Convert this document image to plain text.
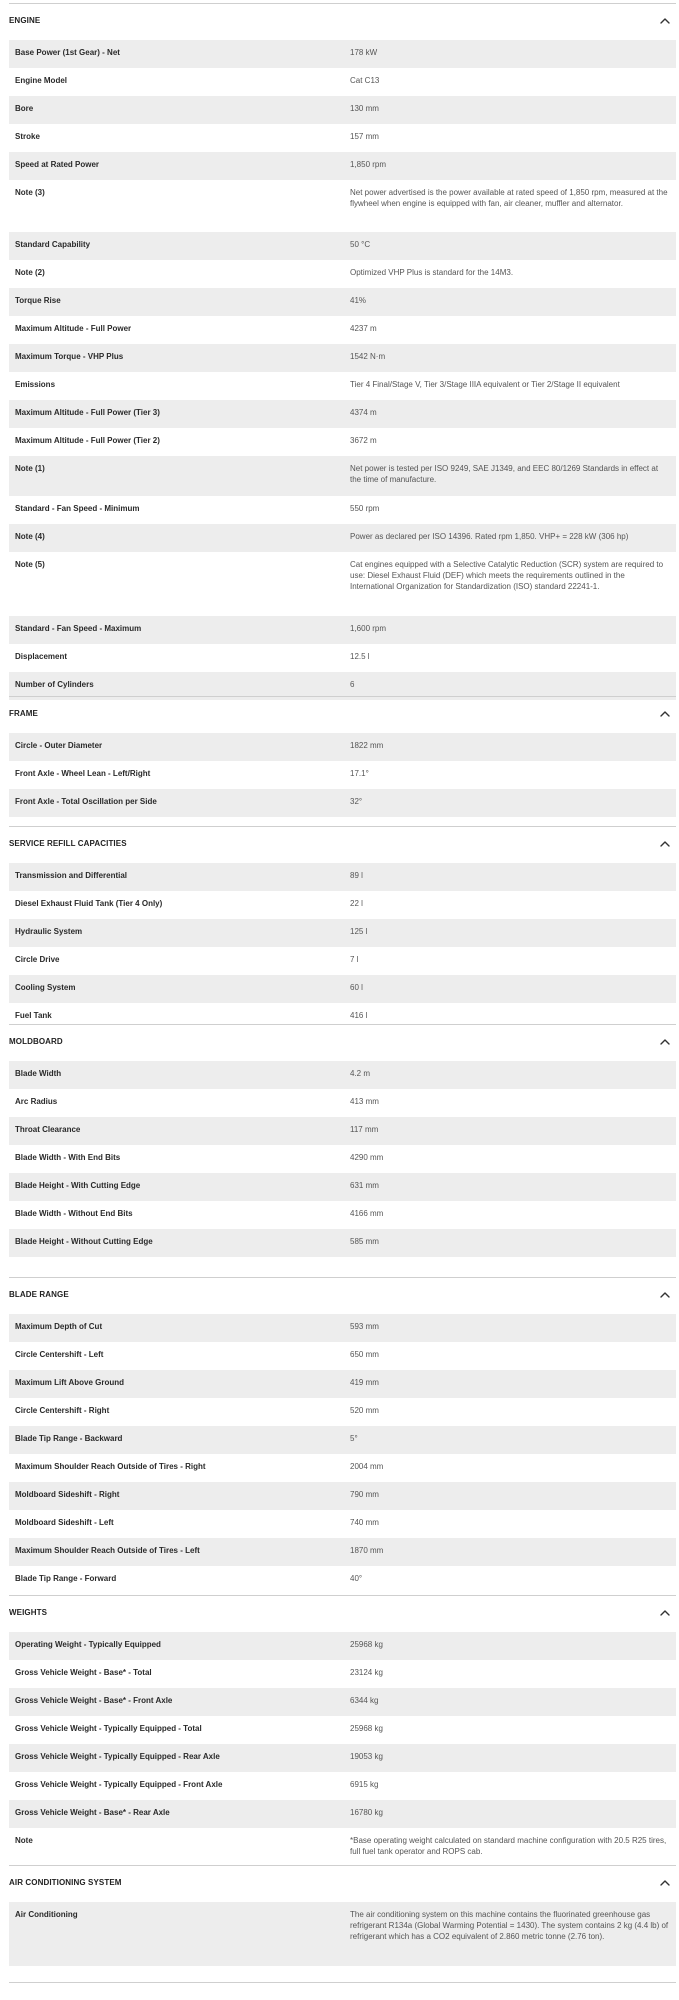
ENGINE
Base Power (1st Gear) - Net	178 kW
Engine Model	Cat C13
Bore	130 mm
Stroke	157 mm
Speed at Rated Power	1,850 rpm
Note (3)	Net power advertised is the power available at rated speed of 1,850 rpm, measured at the flywheel when engine is equipped with fan, air cleaner, muffler and alternator.
Standard Capability	50 °C
Note (2)	Optimized VHP Plus is standard for the 14M3.
Torque Rise	41%
Maximum Altitude - Full Power	4237 m
Maximum Torque - VHP Plus	1542 N·m
Emissions	Tier 4 Final/Stage V, Tier 3/Stage IIIA equivalent or Tier 2/Stage II equivalent
Maximum Altitude - Full Power (Tier 3)	4374 m
Maximum Altitude - Full Power (Tier 2)	3672 m
Note (1)	Net power is tested per ISO 9249, SAE J1349, and EEC 80/1269 Standards in effect at the time of manufacture.
Standard - Fan Speed - Minimum	550 rpm
Note (4)	Power as declared per ISO 14396. Rated rpm 1,850. VHP+ = 228 kW (306 hp)
Note (5)	Cat engines equipped with a Selective Catalytic Reduction (SCR) system are required to use: Diesel Exhaust Fluid (DEF) which meets the requirements outlined in the International Organization for Standardization (ISO) standard 22241-1.
Standard - Fan Speed - Maximum	1,600 rpm
Displacement	12.5 l
Number of Cylinders	6
FRAME
Circle - Outer Diameter	1822 mm
Front Axle - Wheel Lean - Left/Right	17.1°
Front Axle - Total Oscillation per Side	32°
SERVICE REFILL CAPACITIES
Transmission and Differential	89 l
Diesel Exhaust Fluid Tank (Tier 4 Only)	22 l
Hydraulic System	125 l
Circle Drive	7 l
Cooling System	60 l
Fuel Tank	416 l
MOLDBOARD
Blade Width	4.2 m
Arc Radius	413 mm
Throat Clearance	117 mm
Blade Width - With End Bits	4290 mm
Blade Height - With Cutting Edge	631 mm
Blade Width - Without End Bits	4166 mm
Blade Height - Without Cutting Edge	585 mm
BLADE RANGE
Maximum Depth of Cut	593 mm
Circle Centershift - Left	650 mm
Maximum Lift Above Ground	419 mm
Circle Centershift - Right	520 mm
Blade Tip Range - Backward	5°
Maximum Shoulder Reach Outside of Tires - Right	2004 mm
Moldboard Sideshift - Right	790 mm
Moldboard Sideshift - Left	740 mm
Maximum Shoulder Reach Outside of Tires - Left	1870 mm
Blade Tip Range - Forward	40°
WEIGHTS
Operating Weight - Typically Equipped	25968 kg
Gross Vehicle Weight - Base* - Total	23124 kg
Gross Vehicle Weight - Base* - Front Axle	6344 kg
Gross Vehicle Weight - Typically Equipped - Total	25968 kg
Gross Vehicle Weight - Typically Equipped - Rear Axle	19053 kg
Gross Vehicle Weight - Typically Equipped - Front Axle	6915 kg
Gross Vehicle Weight - Base* - Rear Axle	16780 kg
Note	*Base operating weight calculated on standard machine configuration with 20.5 R25 tires, full fuel tank operator and ROPS cab.
AIR CONDITIONING SYSTEM
Air Conditioning	The air conditioning system on this machine contains the fluorinated greenhouse gas refrigerant R134a (Global Warming Potential = 1430). The system contains 2 kg (4.4 lb) of refrigerant which has a CO2 equivalent of 2.860 metric tonne (2.76 ton).
